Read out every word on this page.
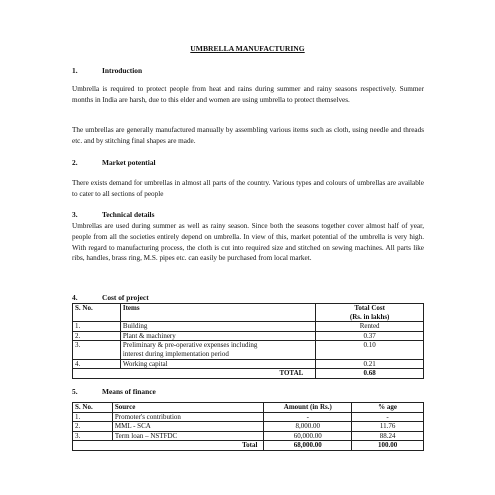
UMBRELLA MANUFACTURING
1.	Introduction

Umbrella is required to protect people from heat and rains during summer and rainy seasons respectively. Summer months in India are harsh, due to this elder and women are using umbrella to protect themselves.

The umbrellas are generally manufactured manually by assembling various items such as cloth, using needle and threads etc. and by stitching final shapes are made.

2.	Market potential

There exists demand for umbrellas in almost all parts of the country. Various types and colours of umbrellas are available to cater to all sections of people

3.	Technical details

Umbrellas are used during summer as well as rainy season. Since both the seasons together cover almost half of year, people from all the societies entirely depend on umbrella. In view of this, market potential of the umbrella is very high. With regard to manufacturing process, the cloth is cut into required size and stitched on sewing machines. All parts like ribs, handles, brass ring, M.S. pipes etc. can easily be purchased from local market.

4.	Cost of project
S. No.	Items	Total Cost
(Rs. in lakhs)

1.	Building	Rented
2.	Plant & machinery	0.37
3.	Preliminary & pre-operative expenses including
interest during implementation period	0.10
4.	Working capital	0.21
	TOTAL	0.68
5.	Means of finance
S. No.	Source	Amount (in Rs.)	% age
1.	Promoter's contribution	-	-
2.	MML - SCA	8,000.00	11.76
3.	Term loan – NSTFDC	60,000.00	88.24
	Total	68,000.00	100.00
